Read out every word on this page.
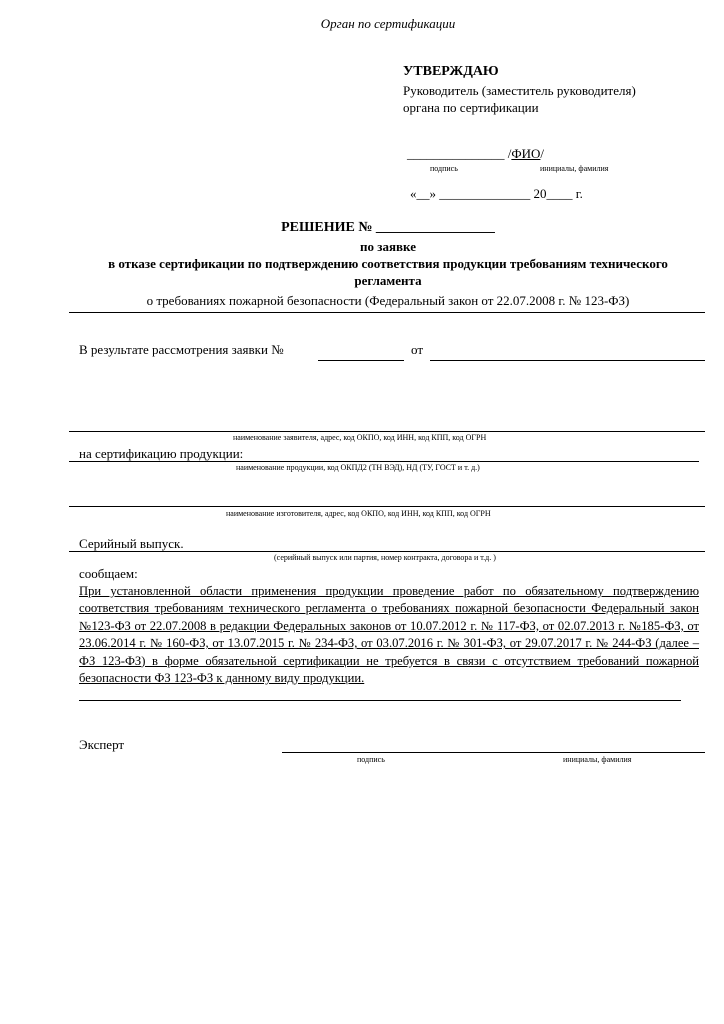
Орган по сертификации
УТВЕРЖДАЮ
Руководитель (заместитель руководителя)
органа по сертификации
_______________ /ФИО/
подпись	инициалы, фамилия
«__» ______________ 20____ г.
РЕШЕНИЕ № _________________
по заявке
в отказе сертификации по подтверждению соответствия продукции требованиям технического
регламента
о требованиях пожарной безопасности (Федеральный закон от 22.07.2008 г. № 123-ФЗ)
В результате рассмотрения заявки №	от
наименование заявителя, адрес, код ОКПО, код ИНН, код КПП, код ОГРН
на сертификацию продукции:
наименование продукции, код ОКПД2 (ТН ВЭД), НД (ТУ, ГОСТ и т. д.)
наименование изготовителя, адрес, код ОКПО, код ИНН, код КПП, код ОГРН
Серийный выпуск.
(серийный выпуск или партия, номер контракта, договора и т.д. )
сообщаем:
При установленной области применения продукции проведение работ по обязательному подтверждению соответствия требованиям технического регламента о требованиях пожарной безопасности Федеральный закон №123-ФЗ от 22.07.2008 в редакции Федеральных законов от 10.07.2012 г. № 117-ФЗ, от 02.07.2013 г. №185-ФЗ, от 23.06.2014 г. № 160-ФЗ, от 13.07.2015 г. № 234-ФЗ, от 03.07.2016 г. № 301-ФЗ, от 29.07.2017 г. № 244-ФЗ (далее – ФЗ 123-ФЗ) в форме обязательной сертификации не требуется в связи с отсутствием требований пожарной безопасности ФЗ 123-ФЗ к данному виду продукции.
Эксперт
подпись	инициалы, фамилия
